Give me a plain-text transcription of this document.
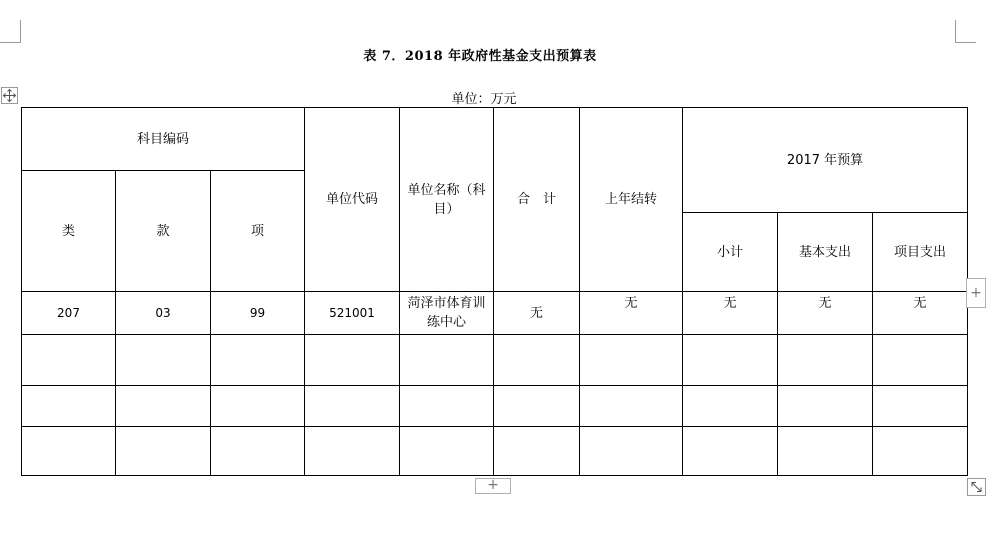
表 7．2018 年政府性基金支出预算表
单位：万元
科目编码			单位代码	单位名称（科目）	合　计	上年结转	2017 年预算		
类	款	项							
							小计	基本支出	项目支出
207	03	99	521001	菏泽市体育训练中心	无	无	无	无	无

+
+
